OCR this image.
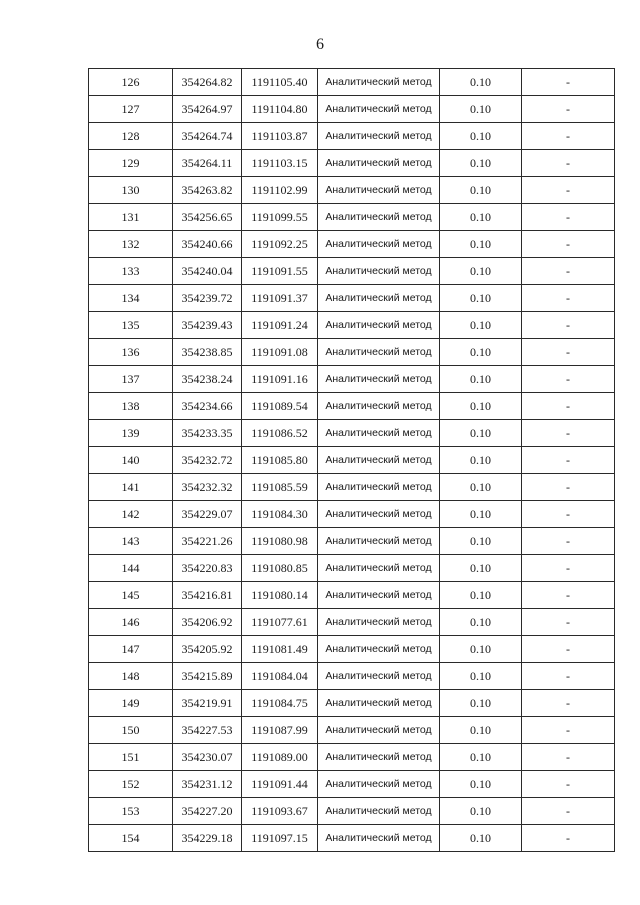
6
126	354264.82	1191105.40	Аналитический метод	0.10	-
127	354264.97	1191104.80	Аналитический метод	0.10	-
128	354264.74	1191103.87	Аналитический метод	0.10	-
129	354264.11	1191103.15	Аналитический метод	0.10	-
130	354263.82	1191102.99	Аналитический метод	0.10	-
131	354256.65	1191099.55	Аналитический метод	0.10	-
132	354240.66	1191092.25	Аналитический метод	0.10	-
133	354240.04	1191091.55	Аналитический метод	0.10	-
134	354239.72	1191091.37	Аналитический метод	0.10	-
135	354239.43	1191091.24	Аналитический метод	0.10	-
136	354238.85	1191091.08	Аналитический метод	0.10	-
137	354238.24	1191091.16	Аналитический метод	0.10	-
138	354234.66	1191089.54	Аналитический метод	0.10	-
139	354233.35	1191086.52	Аналитический метод	0.10	-
140	354232.72	1191085.80	Аналитический метод	0.10	-
141	354232.32	1191085.59	Аналитический метод	0.10	-
142	354229.07	1191084.30	Аналитический метод	0.10	-
143	354221.26	1191080.98	Аналитический метод	0.10	-
144	354220.83	1191080.85	Аналитический метод	0.10	-
145	354216.81	1191080.14	Аналитический метод	0.10	-
146	354206.92	1191077.61	Аналитический метод	0.10	-
147	354205.92	1191081.49	Аналитический метод	0.10	-
148	354215.89	1191084.04	Аналитический метод	0.10	-
149	354219.91	1191084.75	Аналитический метод	0.10	-
150	354227.53	1191087.99	Аналитический метод	0.10	-
151	354230.07	1191089.00	Аналитический метод	0.10	-
152	354231.12	1191091.44	Аналитический метод	0.10	-
153	354227.20	1191093.67	Аналитический метод	0.10	-
154	354229.18	1191097.15	Аналитический метод	0.10	-
